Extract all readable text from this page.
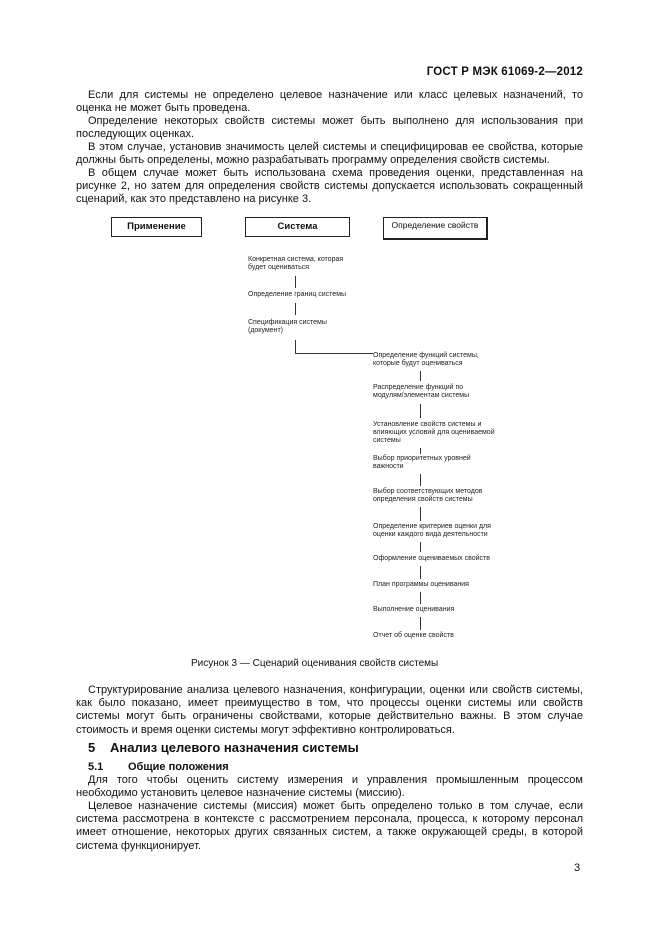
ГОСТ Р МЭК 61069-2—2012
Если для системы не определено целевое назначение или класс целевых назначений, то оценка не может быть проведена.
Определение некоторых свойств системы может быть выполнено для использования при последующих оценках.
В этом случае, установив значимость целей системы и специфицировав ее свойства, которые должны быть определены, можно разрабатывать программу определения свойств системы.
В общем случае может быть использована схема проведения оценки, представленная на рисунке 2, но затем для определения свойств системы допускается использовать сокращенный сценарий, как это представлено на рисунке 3.
Применение	Система	Определение свойств
Конкретная система, которая
будет оцениваться
Определение границ системы
Спецификация системы
(документ)
Определение функций системы,
которые будут оцениваться
Распределение функций по
модулям/элементам системы
Установление свойств системы и
влияющих условий для оцениваемой
системы
Выбор приоритетных уровней
важности
Выбор соответствующих методов
определения свойств системы
Определение критериев оценки для
оценки каждого вида деятельности
Оформление оцениваемых свойств
План программы оценивания
Выполнение оценивания
Отчет об оценке свойств
Рисунок 3 — Сценарий оценивания свойств системы
Структурирование анализа целевого назначения, конфигурации, оценки или свойств системы, как было показано, имеет преимущество в том, что процессы оценки системы или свойств системы могут быть ограничены свойствами, которые действительно важны. В этом случае стоимость и время оценки системы могут эффективно контролироваться.
5 Анализ целевого назначения системы
5.1 Общие положения
Для того чтобы оценить систему измерения и управления промышленным процессом необходимо установить целевое назначение системы (миссию).
Целевое назначение системы (миссия) может быть определено только в том случае, если система рассмотрена в контексте с рассмотрением персонала, процесса, к которому персонал имеет отношение, некоторых других связанных систем, а также окружающей среды, в которой система функционирует.
3
